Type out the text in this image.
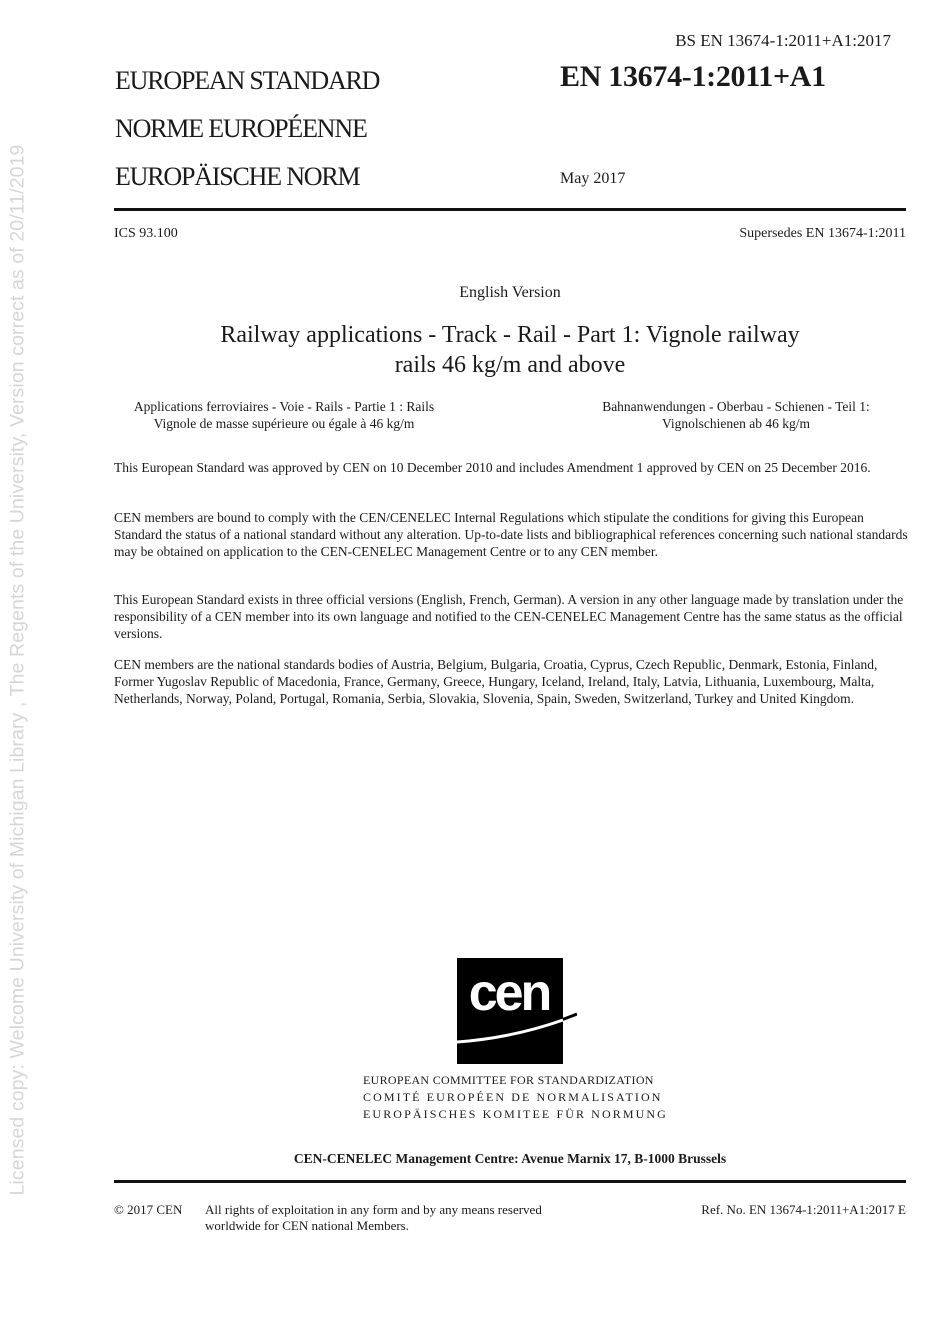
Licensed copy: Welcome University of Michigan Library , The Regents of the University, Version correct as of 20/11/2019
BS EN 13674-1:2011+A1:2017
EUROPEAN STANDARD
NORME EUROPÉENNE
EUROPÄISCHE NORM
EN 13674-1:2011+A1
May 2017
ICS 93.100	Supersedes EN 13674-1:2011
English Version
Railway applications - Track - Rail - Part 1: Vignole railway
rails 46 kg/m and above
Applications ferroviaires - Voie - Rails - Partie 1 : Rails
Vignole de masse supérieure ou égale à 46 kg/m
Bahnanwendungen - Oberbau - Schienen - Teil 1:
Vignolschienen ab 46 kg/m

This European Standard was approved by CEN on 10 December 2010 and includes Amendment 1 approved by CEN on 25 December 2016.

CEN members are bound to comply with the CEN/CENELEC Internal Regulations which stipulate the conditions for giving this European Standard the status of a national standard without any alteration. Up-to-date lists and bibliographical references concerning such national standards may be obtained on application to the CEN-CENELEC Management Centre or to any CEN member.

This European Standard exists in three official versions (English, French, German). A version in any other language made by translation under the responsibility of a CEN member into its own language and notified to the CEN-CENELEC Management Centre has the same status as the official versions.

CEN members are the national standards bodies of Austria, Belgium, Bulgaria, Croatia, Cyprus, Czech Republic, Denmark, Estonia, Finland, Former Yugoslav Republic of Macedonia, France, Germany, Greece, Hungary, Iceland, Ireland, Italy, Latvia, Lithuania, Luxembourg, Malta, Netherlands, Norway, Poland, Portugal, Romania, Serbia, Slovakia, Slovenia, Spain, Sweden, Switzerland, Turkey and United Kingdom.

cen
EUROPEAN COMMITTEE FOR STANDARDIZATION
COMITÉ EUROPÉEN DE NORMALISATION
EUROPÄISCHES KOMITEE FÜR NORMUNG
CEN-CENELEC Management Centre: Avenue Marnix 17, B-1000 Brussels
© 2017 CEN All rights of exploitation in any form and by any means reserved
worldwide for CEN national Members.
Ref. No. EN 13674-1:2011+A1:2017 E
